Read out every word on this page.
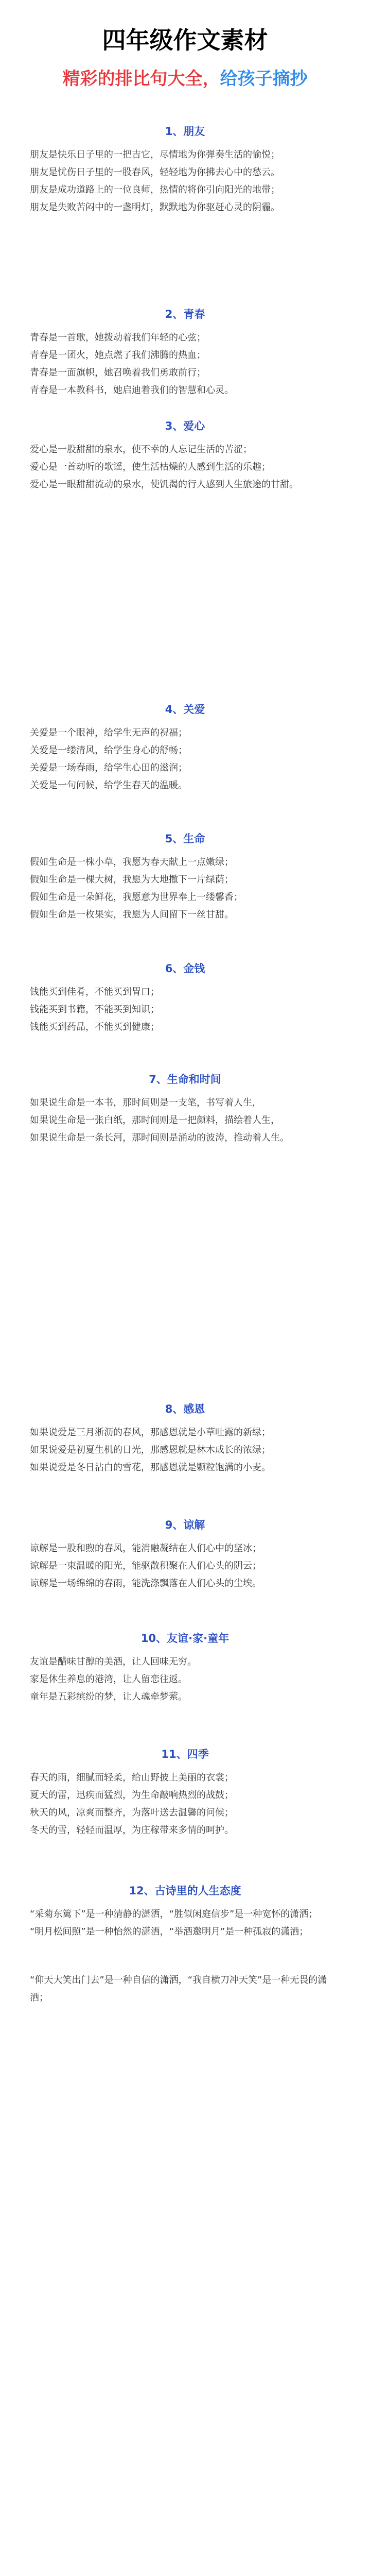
四年级作文素材

精彩的排比句大全，给孩子摘抄

1、朋友

朋友是快乐日子里的一把吉它，尽情地为你弹奏生活的愉悦；
朋友是忧伤日子里的一股春风，轻轻地为你拂去心中的愁云。
朋友是成功道路上的一位良师，热情的将你引向阳光的地带；
朋友是失败苦闷中的一盏明灯，默默地为你驱赶心灵的阴霾。

2、青春

青春是一首歌，她拨动着我们年轻的心弦；
青春是一团火，她点燃了我们沸腾的热血；
青春是一面旗帜，她召唤着我们勇敢前行；
青春是一本教科书，她启迪着我们的智慧和心灵。

3、爱心

爱心是一股甜甜的泉水，使不幸的人忘记生活的苦涩；
爱心是一首动听的歌谣，使生活枯燥的人感到生活的乐趣；
爱心是一眼甜甜流动的泉水，使饥渴的行人感到人生旅途的甘甜。

4、关爱

关爱是一个眼神，给学生无声的祝福；
关爱是一缕清风，给学生身心的舒畅；
关爱是一场春雨，给学生心田的滋润；
关爱是一句问候，给学生春天的温暖。

5、生命

假如生命是一株小草，我愿为春天献上一点嫩绿；
假如生命是一棵大树，我愿为大地撒下一片绿荫；
假如生命是一朵鲜花，我愿意为世界奉上一缕馨香；
假如生命是一枚果实，我愿为人间留下一丝甘甜。

6、金钱

钱能买到佳肴，不能买到胃口；
钱能买到书籍，不能买到知识；
钱能买到药品，不能买到健康；

7、生命和时间

如果说生命是一本书，那时间则是一支笔，书写着人生，
如果说生命是一张白纸，那时间则是一把颜料，描绘着人生，
如果说生命是一条长河，那时间则是涌动的波涛，推动着人生。

8、感恩

如果说爱是三月淅沥的春风，那感恩就是小草吐露的新绿；
如果说爱是初夏生机的日光，那感恩就是林木成长的浓绿；
如果说爱是冬日沾白的雪花，那感恩就是颗粒饱满的小麦。

9、谅解

谅解是一股和煦的春风，能消融凝结在人们心中的坚冰；
谅解是一束温暖的阳光，能驱散积聚在人们心头的阴云；
谅解是一场绵绵的春雨，能洗涤飘落在人们心头的尘埃。

10、友谊·家·童年

友谊是醋味甘醇的美酒，让人回味无穷。
家是休生养息的港湾，让人留恋往返。
童年是五彩缤纷的梦，让人魂牵梦萦。

11、四季

春天的雨，细腻而轻柔，给山野披上美丽的衣裳；
夏天的雷，迅疾而猛烈，为生命敲响热烈的战鼓；
秋天的风，凉爽而整齐，为落叶送去温馨的问候；
冬天的雪，轻轻而温厚，为庄稼带来多情的呵护。

12、古诗里的人生态度

“采菊东篱下”是一种清静的潇洒，“胜似闲庭信步”是一种宽怀的潇洒；
“明月松间照”是一种怡然的潇洒，“举酒邀明月”是一种孤寂的潇洒；

“仰天大笑出门去”是一种自信的潇洒，“我自横刀冲天笑”是一种无畏的潇洒；
